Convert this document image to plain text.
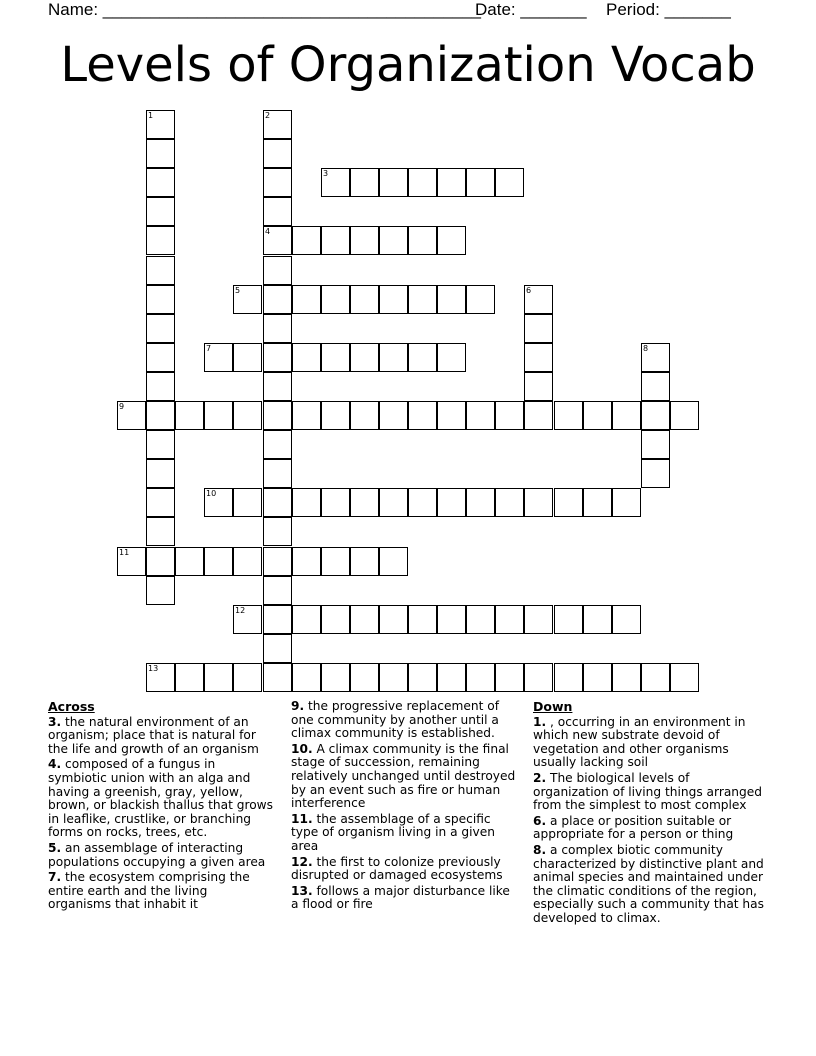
Name: ________________________________________
Date: _______ Period: _______
Levels of Organization Vocab
1	2
4
3
5	6
7	8
9
10
11
12
13
Across
3. the natural environment of an organism; place that is natural for the life and growth of an organism
4. composed of a fungus in symbiotic union with an alga and having a greenish, gray, yellow, brown, or blackish thallus that grows in leaflike, crustlike, or branching forms on rocks, trees, etc.
5. an assemblage of interacting populations occupying a given area
7. the ecosystem comprising the entire earth and the living organisms that inhabit it
9. the progressive replacement of one community by another until a climax community is established.
10. A climax community is the final stage of succession, remaining relatively unchanged until destroyed by an event such as fire or human interference
11. the assemblage of a specific type of organism living in a given area
12. the first to colonize previously disrupted or damaged ecosystems
13. follows a major disturbance like a flood or fire
Down
1. , occurring in an environment in which new substrate devoid of vegetation and other organisms usually lacking soil
2. The biological levels of organization of living things arranged from the simplest to most complex
6. a place or position suitable or appropriate for a person or thing
8. a complex biotic community characterized by distinctive plant and animal species and maintained under the climatic conditions of the region, especially such a community that has developed to climax.
